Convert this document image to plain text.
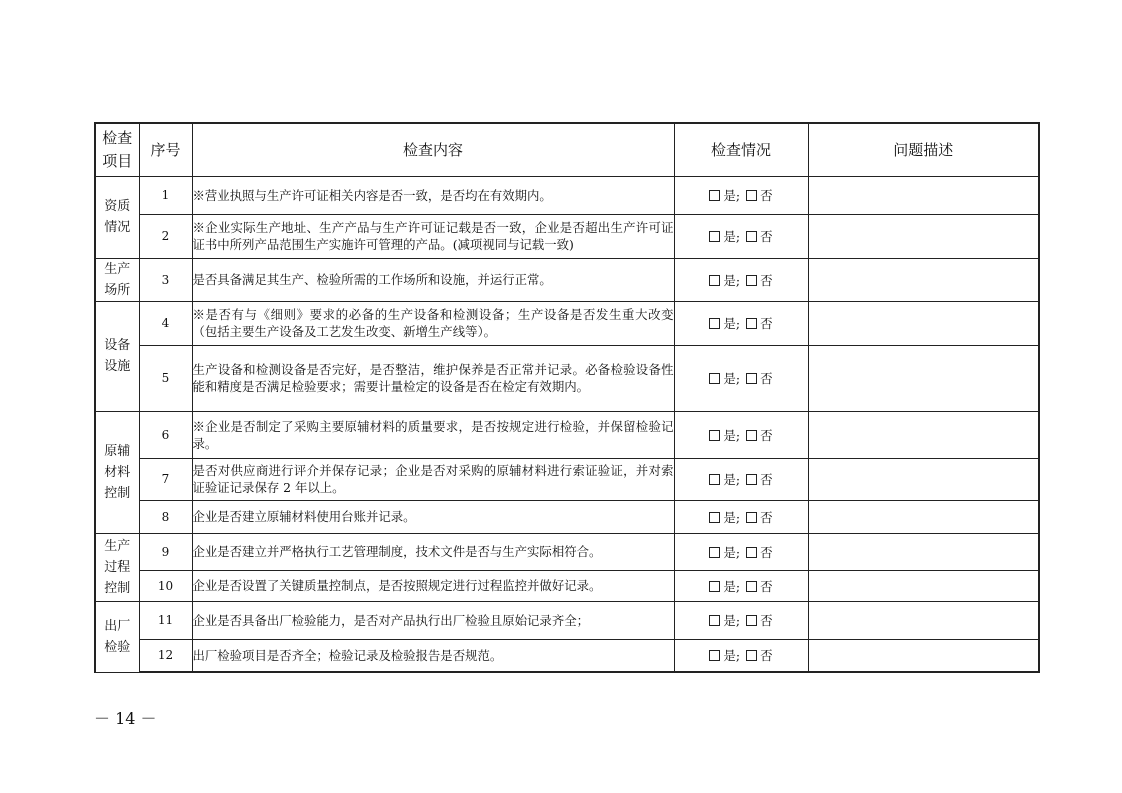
检查
项目	序号	检查内容	检查情况	问题描述
资质
情况	1	※营业执照与生产许可证相关内容是否一致，是否均在有效期内。	是; 否	
	2	※企业实际生产地址、生产产品与生产许可证记载是否一致，企业是否超出生产许可证证书中所列产品范围生产实施许可管理的产品。(减项视同与记载一致)	是; 否	
生产
场所	3	是否具备满足其生产、检验所需的工作场所和设施，并运行正常。	是; 否	
设备
设施	4	※是否有与《细则》要求的必备的生产设备和检测设备；生产设备是否发生重大改变（包括主要生产设备及工艺发生改变、新增生产线等）。	是; 否	
	5	生产设备和检测设备是否完好，是否整洁，维护保养是否正常并记录。必备检验设备性能和精度是否满足检验要求；需要计量检定的设备是否在检定有效期内。	是; 否	
原辅
材料
控制	6	※企业是否制定了采购主要原辅材料的质量要求，是否按规定进行检验，并保留检验记录。	是; 否	
	7	是否对供应商进行评介并保存记录；企业是否对采购的原辅材料进行索证验证，并对索证验证记录保存 2 年以上。	是; 否	
	8	企业是否建立原辅材料使用台账并记录。	是; 否	
生产
过程
控制	9	企业是否建立并严格执行工艺管理制度，技术文件是否与生产实际相符合。	是; 否	
	10	企业是否设置了关键质量控制点，是否按照规定进行过程监控并做好记录。	是; 否	
出厂
检验	11	企业是否具备出厂检验能力，是否对产品执行出厂检验且原始记录齐全；	是; 否	
	12	出厂检验项目是否齐全；检验记录及检验报告是否规范。	是; 否	
－ 14 －
